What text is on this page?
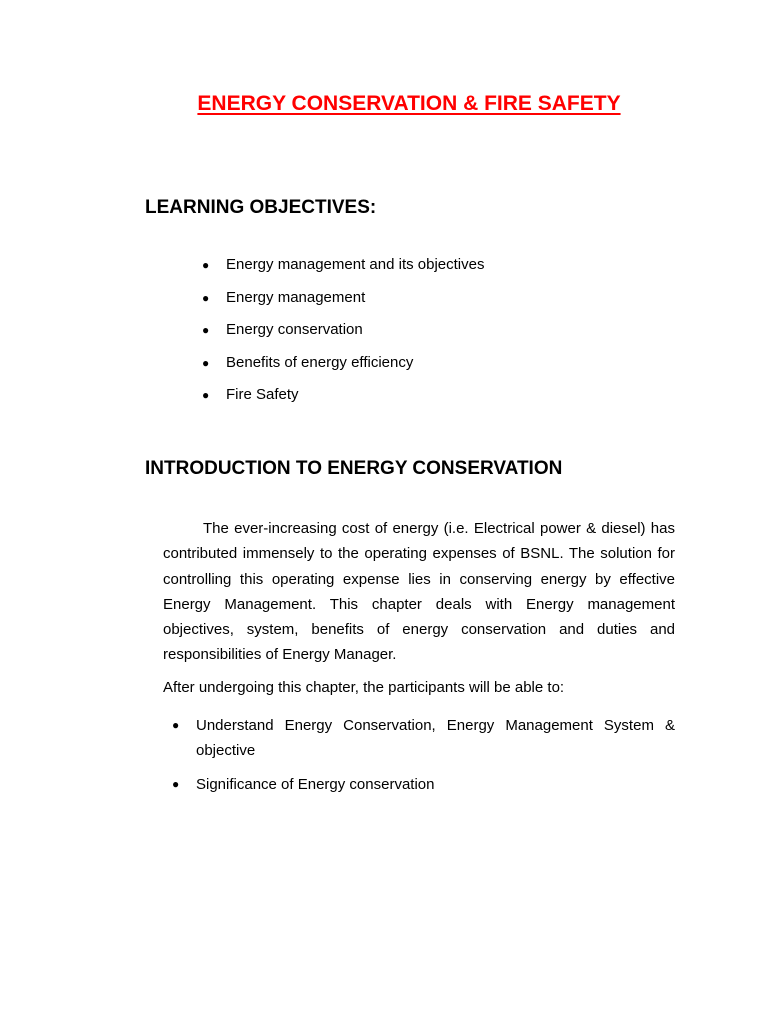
ENERGY CONSERVATION & FIRE SAFETY
LEARNING OBJECTIVES:
● Energy management and its objectives
● Energy management
● Energy conservation
● Benefits of energy efficiency
● Fire Safety
INTRODUCTION TO ENERGY CONSERVATION

The ever-increasing cost of energy (i.e. Electrical power & diesel) has contributed immensely to the operating expenses of BSNL. The solution for controlling this operating expense lies in conserving energy by effective Energy Management. This chapter deals with Energy management objectives, system, benefits of energy conservation and duties and responsibilities of Energy Manager.

After undergoing this chapter, the participants will be able to:
● Understand Energy Conservation, Energy Management System & objective
● Significance of Energy conservation
